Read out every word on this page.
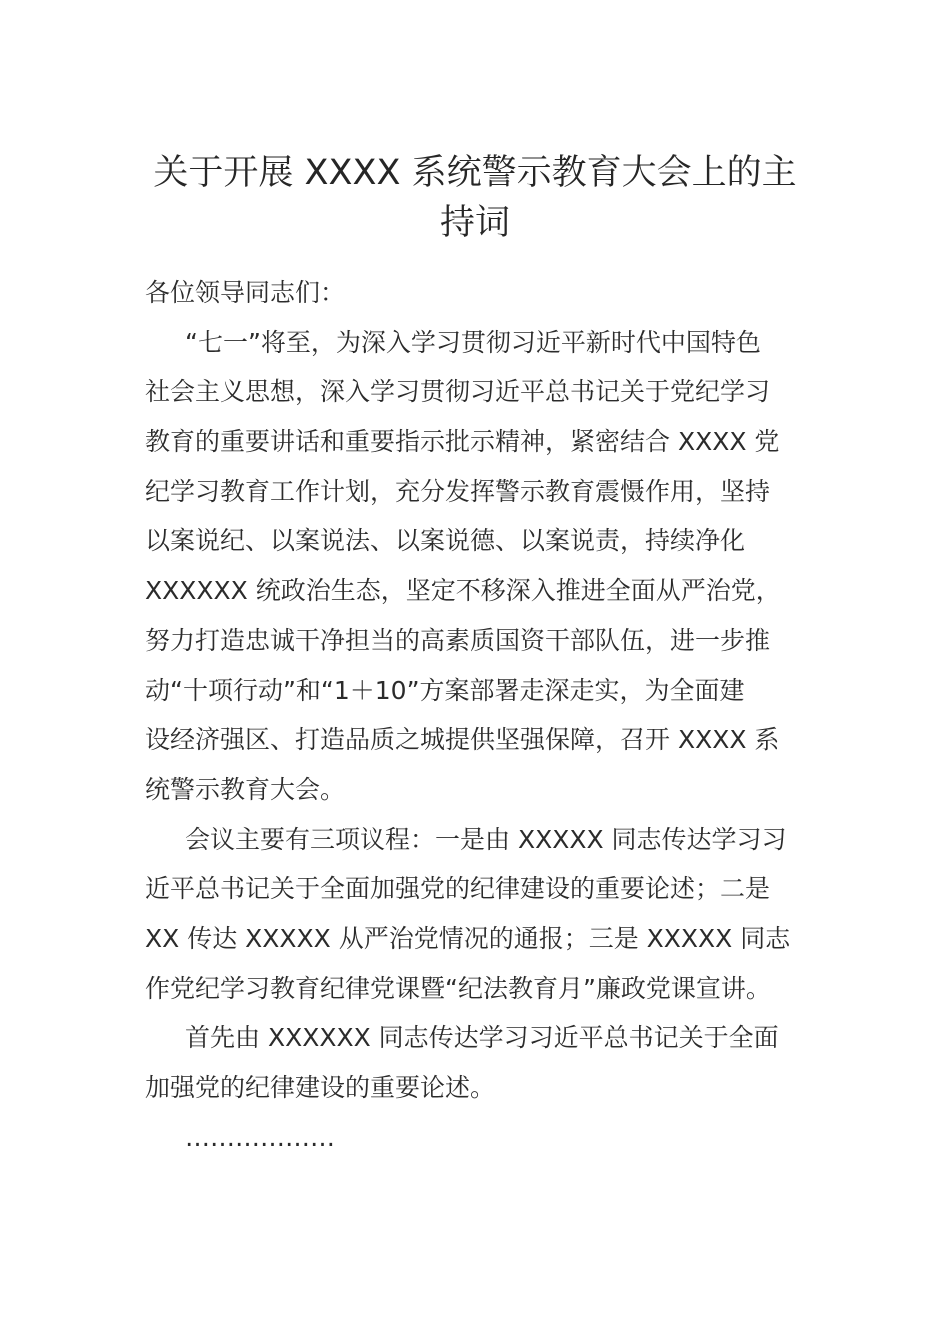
关于开展 XXXX 系统警示教育大会上的主
持词
各位领导同志们：
“七一”将至，为深入学习贯彻习近平新时代中国特色
社会主义思想，深入学习贯彻习近平总书记关于党纪学习
教育的重要讲话和重要指示批示精神，紧密结合 XXXX 党
纪学习教育工作计划，充分发挥警示教育震慑作用，坚持
以案说纪、以案说法、以案说德、以案说责，持续净化
XXXXXX 统政治生态，坚定不移深入推进全面从严治党，
努力打造忠诚干净担当的高素质国资干部队伍，进一步推
动“十项行动”和“1＋10”方案部署走深走实，为全面建
设经济强区、打造品质之城提供坚强保障，召开 XXXX 系
统警示教育大会。
会议主要有三项议程：一是由 XXXXX 同志传达学习习
近平总书记关于全面加强党的纪律建设的重要论述；二是
XX 传达 XXXXX 从严治党情况的通报；三是 XXXXX 同志
作党纪学习教育纪律党课暨“纪法教育月”廉政党课宣讲。
首先由 XXXXXX 同志传达学习习近平总书记关于全面
加强党的纪律建设的重要论述。
………………
